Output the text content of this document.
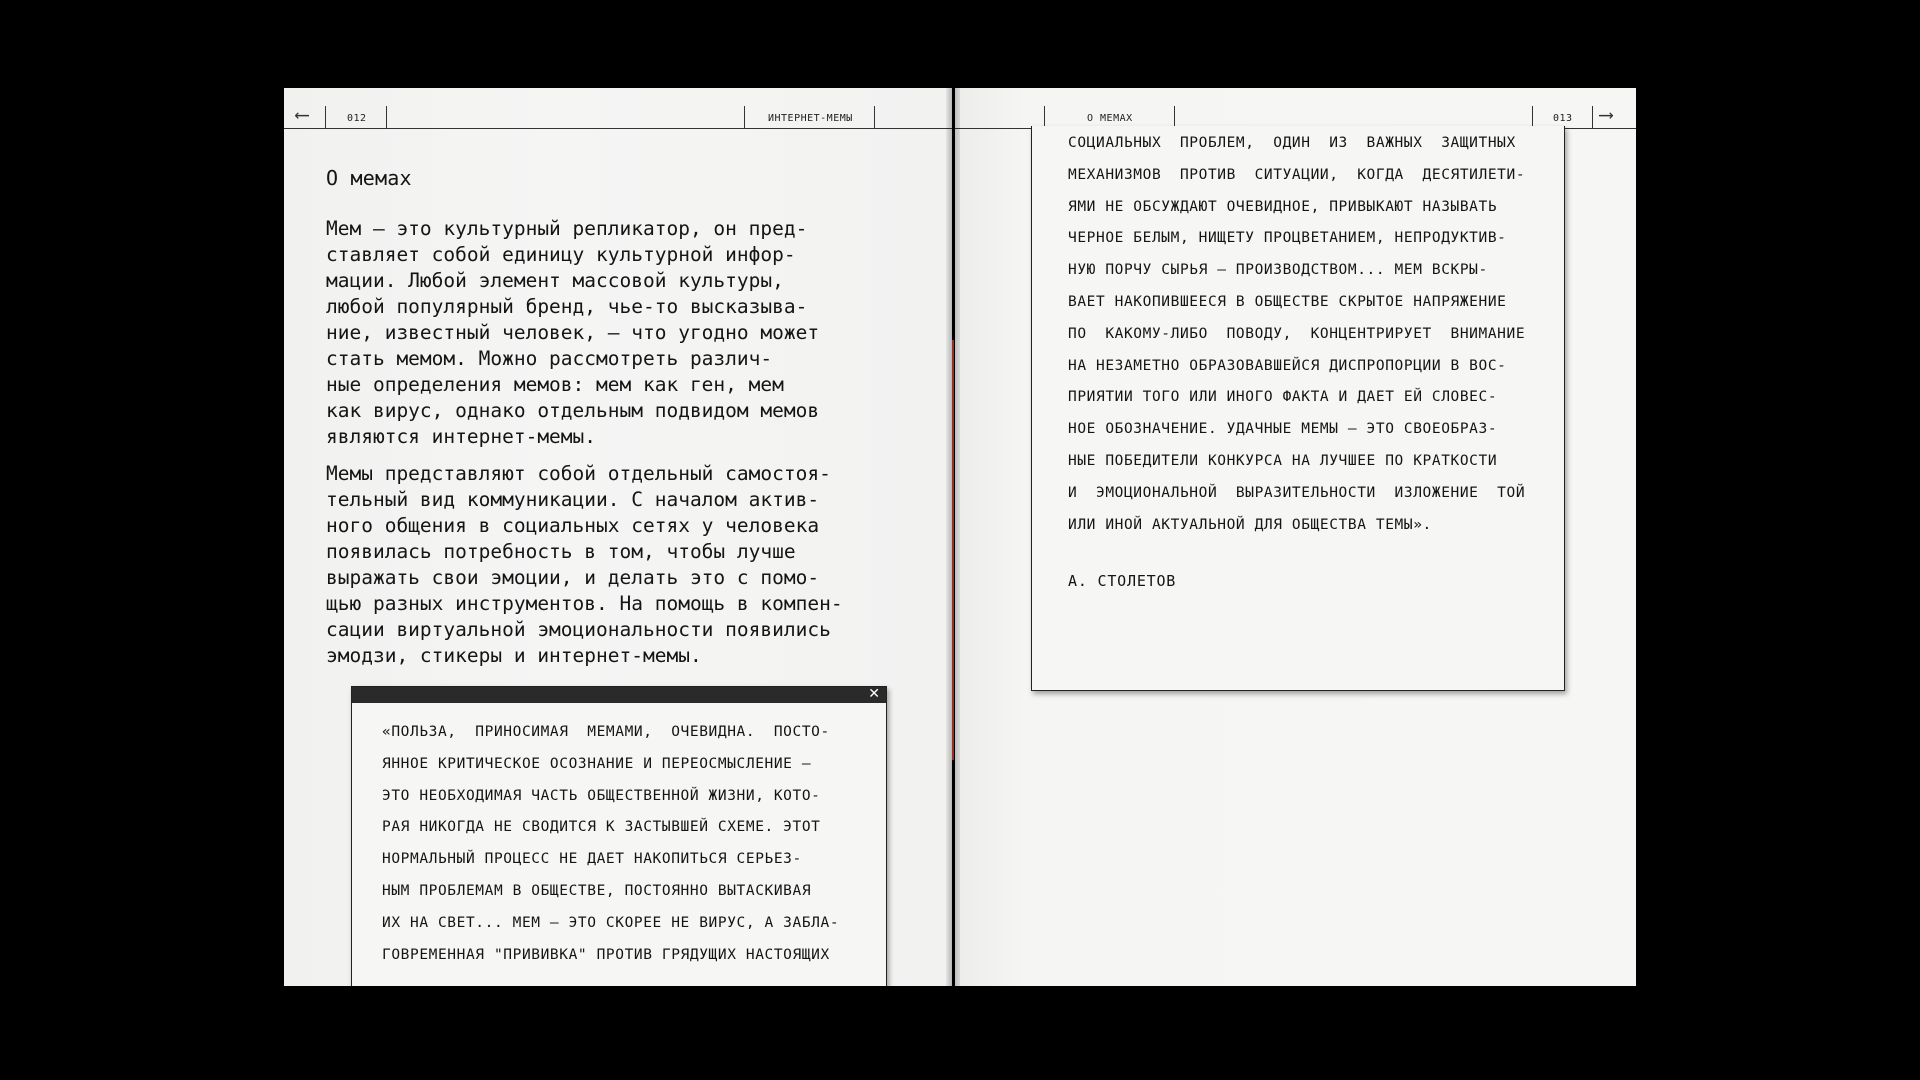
⟵	012	ИНТЕРНЕТ-МЕМЫ
О мемах

Мем — это культурный репликатор, он пред-
ставляет собой единицу культурной инфор-
мации. Любой элемент массовой культуры,
любой популярный бренд, чье-то высказыва-
ние, известный человек, — что угодно может
стать мемом. Можно рассмотреть различ-
ные определения мемов: мем как ген, мем
как вирус, однако отдельным подвидом мемов
являются интернет-мемы.

Мемы представляют собой отдельный самостоя-
тельный вид коммуникации. С началом актив-
ного общения в социальных сетях у человека
появилась потребность в том, чтобы лучше
выражать свои эмоции, и делать это с помо-
щью разных инструментов. На помощь в компен-
сации виртуальной эмоциональности появились
эмодзи, стикеры и интернет-мемы.

✕
«ПОЛЬЗА,  ПРИНОСИМАЯ  МЕМАМИ,  ОЧЕВИДНА.  ПОСТО-
ЯННОЕ КРИТИЧЕСКОЕ ОСОЗНАНИЕ И ПЕРЕОСМЫСЛЕНИЕ —
ЭТО НЕОБХОДИМАЯ ЧАСТЬ ОБЩЕСТВЕННОЙ ЖИЗНИ, КОТО-
РАЯ НИКОГДА НЕ СВОДИТСЯ К ЗАСТЫВШЕЙ СХЕМЕ. ЭТОТ
НОРМАЛЬНЫЙ ПРОЦЕСС НЕ ДАЕТ НАКОПИТЬСЯ СЕРЬЕЗ-
НЫМ ПРОБЛЕМАМ В ОБЩЕСТВЕ, ПОСТОЯННО ВЫТАСКИВАЯ
ИХ НА СВЕТ... МЕМ — ЭТО СКОРЕЕ НЕ ВИРУС, А ЗАБЛА-
ГОВРЕМЕННАЯ "ПРИВИВКА" ПРОТИВ ГРЯДУЩИХ НАСТОЯЩИХ
О МЕМАХ	013 ⟶
СОЦИАЛЬНЫХ  ПРОБЛЕМ,  ОДИН  ИЗ  ВАЖНЫХ  ЗАЩИТНЫХ
МЕХАНИЗМОВ  ПРОТИВ  СИТУАЦИИ,  КОГДА  ДЕСЯТИЛЕТИ-
ЯМИ НЕ ОБСУЖДАЮТ ОЧЕВИДНОЕ, ПРИВЫКАЮТ НАЗЫВАТЬ
ЧЕРНОЕ БЕЛЫМ, НИЩЕТУ ПРОЦВЕТАНИЕМ, НЕПРОДУКТИВ-
НУЮ ПОРЧУ СЫРЬЯ — ПРОИЗВОДСТВОМ... МЕМ ВСКРЫ-
ВАЕТ НАКОПИВШЕЕСЯ В ОБЩЕСТВЕ СКРЫТОЕ НАПРЯЖЕНИЕ
ПО  КАКОМУ-ЛИБО  ПОВОДУ,  КОНЦЕНТРИРУЕТ  ВНИМАНИЕ
НА НЕЗАМЕТНО ОБРАЗОВАВШЕЙСЯ ДИСПРОПОРЦИИ В ВОС-
ПРИЯТИИ ТОГО ИЛИ ИНОГО ФАКТА И ДАЕТ ЕЙ СЛОВЕС-
НОЕ ОБОЗНАЧЕНИЕ. УДАЧНЫЕ МЕМЫ — ЭТО СВОЕОБРАЗ-
НЫЕ ПОБЕДИТЕЛИ КОНКУРСА НА ЛУЧШЕЕ ПО КРАТКОСТИ
И  ЭМОЦИОНАЛЬНОЙ  ВЫРАЗИТЕЛЬНОСТИ  ИЗЛОЖЕНИЕ  ТОЙ
ИЛИ ИНОЙ АКТУАЛЬНОЙ ДЛЯ ОБЩЕСТВА ТЕМЫ».
А. СТОЛЕТОВ
